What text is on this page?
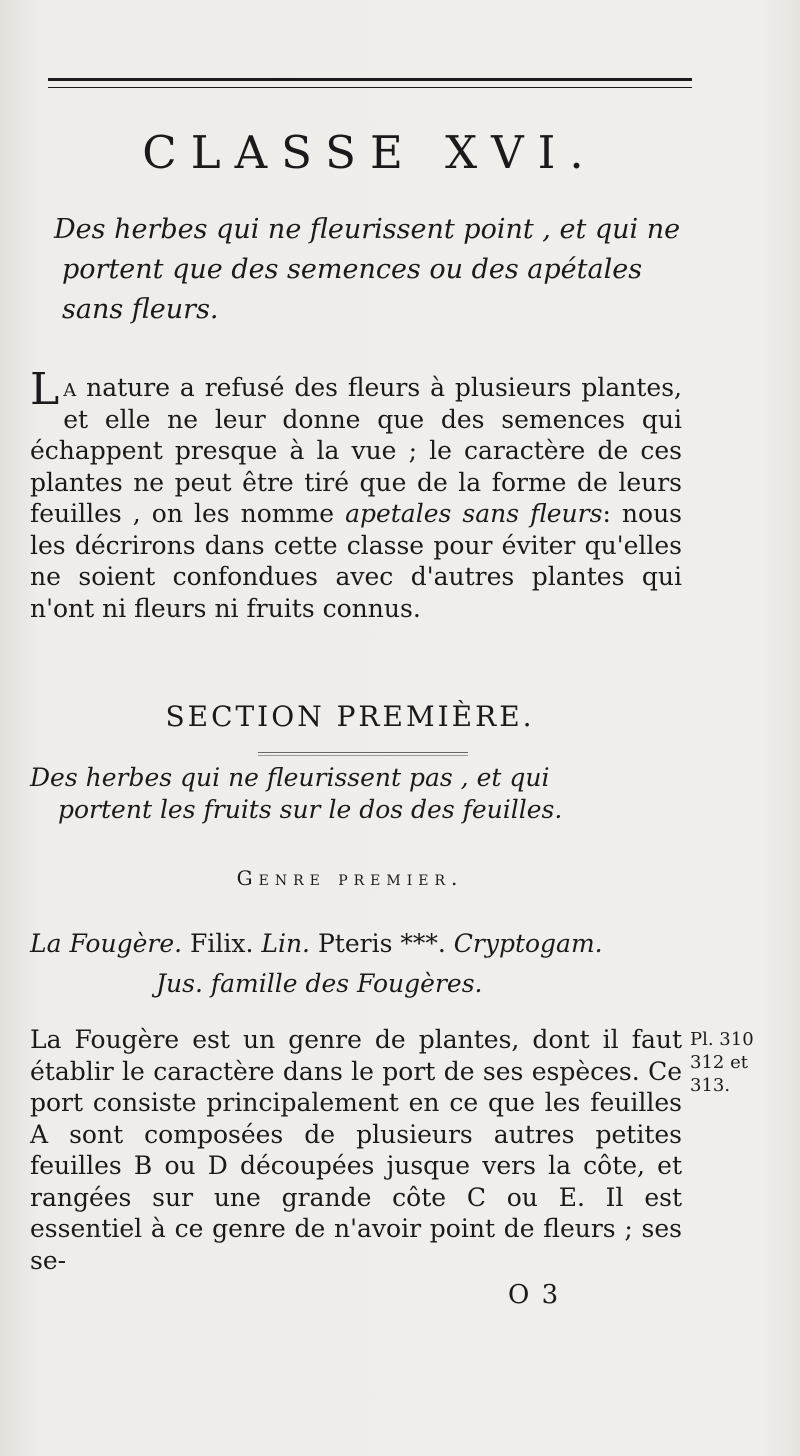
CLASSE XVI.
Des herbes qui ne fleurissent point , et qui ne
portent que des semences ou des apétales
sans fleurs.
La nature a refusé des fleurs à plusieurs plantes, et elle ne leur donne que des semences qui échappent presque à la vue ; le caractère de ces plantes ne peut être tiré que de la forme de leurs feuilles , on les nomme apetales sans fleurs: nous les décrirons dans cette classe pour éviter qu'elles ne soient confondues avec d'autres plantes qui n'ont ni fleurs ni fruits connus.
SECTION PREMIÈRE.
Des herbes qui ne fleurissent pas , et qui
portent les fruits sur le dos des feuilles.
Genre premier.
La Fougère. Filix. Lin. Pteris ***. Cryptogam.
Jus. famille des Fougères.
La Fougère est un genre de plantes, dont il faut établir le caractère dans le port de ses espèces. Ce port consiste principalement en ce que les feuilles A sont composées de plusieurs autres petites feuilles B ou D découpées jusque vers la côte, et rangées sur une grande côte C ou E. Il est essentiel à ce genre de n'avoir point de fleurs ; ses se-
Pl. 310
312 et
313.
O 3
